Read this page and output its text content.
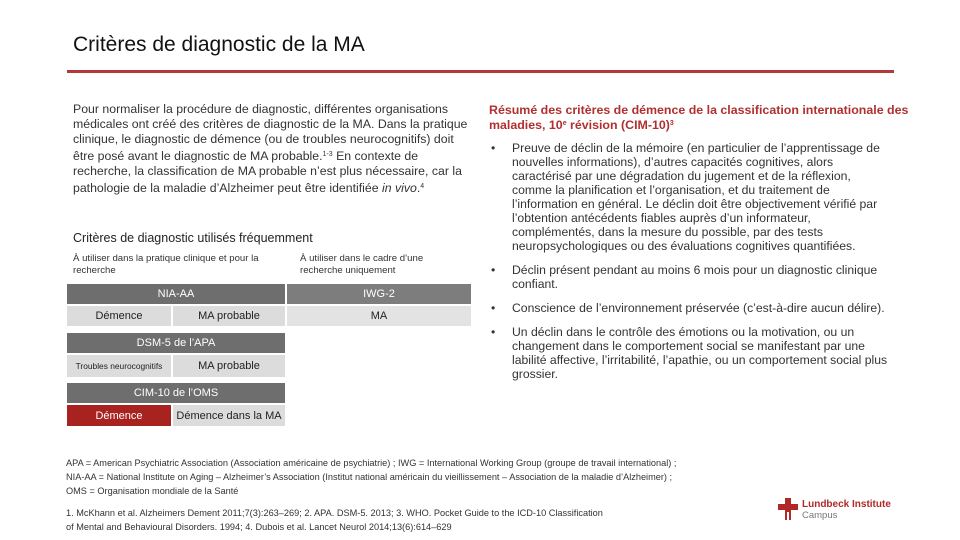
Critères de diagnostic de la MA
Pour normaliser la procédure de diagnostic, différentes organisations médicales ont créé des critères de diagnostic de la MA. Dans la pratique clinique, le diagnostic de démence (ou de troubles neurocognitifs) doit être posé avant le diagnostic de MA probable.$^{1-3}$ En contexte de recherche, la classification de MA probable n’est plus nécessaire, car la pathologie de la maladie d’Alzheimer peut être identifiée in vivo.$^4$
Critères de diagnostic utilisés fréquemment
À utiliser dans la pratique clinique et pour la recherche
À utiliser dans le cadre d’une recherche uniquement
NIA-AA	IWG-2
Démence	MA probable	MA
DSM-5 de l’APA
Troubles neurocognitifs	MA probable
CIM-10 de l’OMS
Démence	Démence dans la MA
Résumé des critères de démence de la classification internationale des maladies, 10e révision $(CIM-10)^3$
• Preuve de déclin de la mémoire (en particulier de l’apprentissage de nouvelles informations), d’autres capacités cognitives, alors caractérisé par une dégradation du jugement et de la réflexion, comme la planification et l’organisation, et du traitement de l’information en général. Le déclin doit être objectivement vérifié par l’obtention antécédents fiables auprès d’un informateur, complémentés, dans la mesure du possible, par des tests neuropsychologiques ou des évaluations cognitives quantifiées.
• Déclin présent pendant au moins 6 mois pour un diagnostic clinique confiant.
• Conscience de l’environnement préservée (c’est-à-dire aucun délire).
• Un déclin dans le contrôle des émotions ou la motivation, ou un changement dans le comportement social se manifestant par une labilité affective, l’irritabilité, l’apathie, ou un comportement social plus grossier.
APA = American Psychiatric Association (Association américaine de psychiatrie) ; IWG = International Working Group (groupe de travail international) ;
NIA-AA = National Institute on Aging – Alzheimer’s Association (Institut national américain du vieillissement – Association de la maladie d’Alzheimer) ;
OMS = Organisation mondiale de la Santé
1. McKhann et al. Alzheimers Dement 2011;7(3):263–269; 2. APA. DSM-5. 2013; 3. WHO. Pocket Guide to the ICD-10 Classification
of Mental and Behavioural Disorders. 1994; 4. Dubois et al. Lancet Neurol 2014;13(6):614–629
Lundbeck Institute
Campus
